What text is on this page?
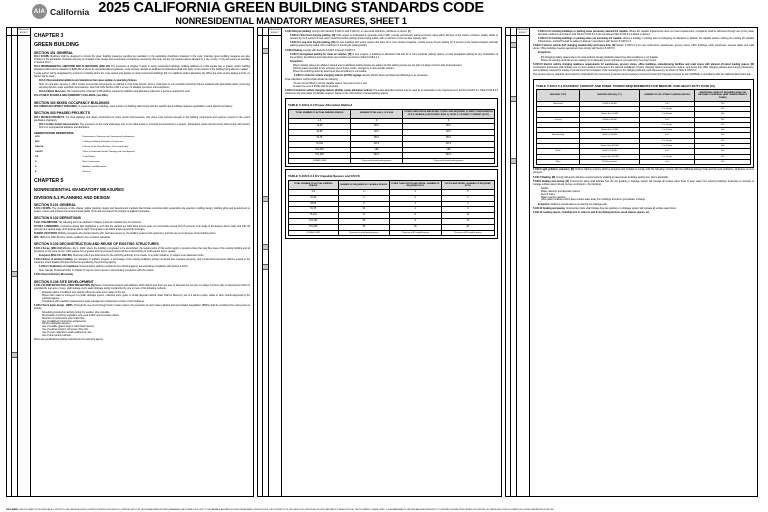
AIA California 2025 CALIFORNIA GREEN BUILDING STANDARDS CODE
NONRESIDENTIAL MANDATORY MEASURES, SHEET 1
REVISION / EFFECT
CHAPTER 3
GREEN BUILDING
SECTION 301 GENERAL

301.1 SCOPE. Buildings shall be designed to include the green building measures specified as mandatory in the application checklists contained in this code. Voluntary green building measures are also included in the application checklists and may be included in the design and construction of structures covered by this code, but are not required unless adopted by a city, county, or city and county as specified in Section 101.7.

301.3 NONRESIDENTIAL ADDITIONS AND ALTERATIONS. (BSC-CG) The provisions of Chapter 5 apply to newly constructed buildings, building additions of 1,000 square feet or greater, and/or building alterations with a permit valuation of $200,000 or above for nonresidential occupancies. Code sections relevant to additions and alterations shall only apply to the portions of the building being altered or added.

A code section will be designated by a banner to indicate where the code section only applies to newly constructed buildings [N] or to additions and/or alterations [A]. When the code section applies to both, no banner will be used.

301.3.1 Nonresidential additions and alterations that cause updates to plumbing fixtures.

Note: On and after January 1, 2014, certain commercial real property, as defined in Civil Code Section 1101.3, shall have its non-compliant plumbing fixtures replaced with appropriate water conserving plumbing fixtures under specified circumstances. See Civil Code Section 1101.1 et seq. for detailed provisions and exemptions.

301.3.2 Waste Diversion. The requirements of Section 5.408 shall be required for additions and alterations whenever a permit is required for work.

301.4 PUBLIC SCHOOLS AND COMMUNITY COLLEGES. (see DSA)

SECTION 302 MIXED OCCUPANCY BUILDINGS

302.1 MIXED-OCCUPANCY BUILDINGS. In mixed-occupancy buildings, each portion of a building shall comply with the specific green building measures applicable to each specific occupancy.

SECTION 303 PHASED PROJECTS

303.1 PHASED PROJECTS. For shell buildings and others constructed for future tenant improvements, only those code sections relevant to the building components and systems covered in the permit application shall apply.

303.1.1 Initial Tenant Improvements. The provisions of this code shall apply only to the initial tenant or occupant improvements to a project. Subsequent tenant improvements shall comply with Section 301.3 on nonresidential additions and alterations.

ABBREVIATION DEFINITIONS
HCD	Department of Housing and Community Development
BSC	California Building Standards Commission
DSA-SS	Division of the State Architect, Structural Safety
OSHPD	Office of Statewide Health Planning and Development
CB	Code Bodies
N	New Construction
A	Additions and Alterations
E	Existing
CHAPTER 5
NONRESIDENTIAL MANDATORY MEASURES
DIVISION 5.1 PLANNING AND DESIGN
SECTION 5.101 GENERAL

5.101.1 SCOPE. The provisions of this chapter outline planning, design and development methods that include environmentally responsible site selection, building design, building siting and development to protect, restore and enhance the environmental quality of the site and respect the integrity of adjacent properties.

SECTION 5.102 DEFINITIONS

5.102.1 DEFINITIONS. The following terms are defined in Chapter 2 and are included here for reference.

CUTOFF LUMINAIRES. Luminaires whose light distribution is such that the candela per 1000 lamp lumens does not numerically exceed 25 (2.5 percent) at an angle of 90 degrees above nadir, and 100 (10 percent) at a vertical angle of 80 degrees above nadir. This applies to all lateral angles around the luminaire.

TENANT-OCCUPANT. Building occupants who interact directly with, and have access to, the building systems and equipment, and who are not employees of the building owner.

EPA. (BSC-CG, DSA-SS) Any vehicle certified to zero emission standards.

SECTION 5.103 DECONSTRUCTION AND REUSE OF EXISTING STRUCTURES

5.103.1 Scope. [BSC-CG] Effective July 1, 2024, where the building is proposed to be demolished, the requirements of this section apply to projects where the total floor area of the existing building and all structures on the same lot are 1,000 square feet or greater and the proposed project will be a new building of 1,000 square feet or greater.

Exception (BSC-CG, DSA-SS). Structures which are determined by the enforcing authority to be unsafe, or a public nuisance, or subject to an abatement order.

5.103.2 Reuse of existing building. For alteration or addition projects, a percentage of the existing building's primary structural and envelope elements, and nonstructural elements shall be reused to the maximum extent feasible and documented as specified by the enforcing agency.

5.103.2.1 Verification of compliance. Documentation shall be provided to the enforcing agency demonstrating compliance with Section 5.103.2.

Note: Sample Worksheet WS-1 in Chapter 8 may be used to assist in documenting compliance with this section.

5.103.3 Deconstruction. [Reserved]

SECTION 5.106 SITE DEVELOPMENT

5.106.1 STORM WATER POLLUTION PREVENTION. [N] Newly constructed projects and additions which disturb less than one acre of land and are not part of a larger common plan of development which in total disturbs one acre or more, shall manage storm water drainage during construction by one or more of the following methods:

• Retention basins of sufficient size shall be utilized to retain storm water on the site.
• Where storm water is conveyed to a public drainage system, collection point, gutter or similar disposal method, water shall be filtered by use of a barrier system, wattle or other method approved by the enforcing agency.
• Compliance with a lawfully enacted storm water management ordinance/or erosion control ordinance.

5.106.2 Storm water design - BMPs. Through the use of soil through wind or water erosion, the prevention of storm water pollution and groundwater degradation (BMPs) shall be considered for each project to include:

• Scheduling construction activity during dry weather, when possible.
• Preservation of existing vegetation, soil, seed buffers around surface waters.
• Diversion of construction storm water flow.
• Use of stabilized construction entrance/exit.
• Velocity dissipation devices.
• Use of erodible (gravel bags or catch basin inserts).
• Use of sediment basins, silt fences, fiber rolls.
• Use of cover materials to retain sediment on site.
• Use of dust control methods.

Plans and specifications shall be submitted to the enforcing agency.

REVISION / EFFECT	5.106.4 Bicycle parking. Comply with Sections 5.106.4.1 and 5.106.4.2; or meet local ordinance, whichever is stricter. [N]

5.106.4.1 Short-term bicycle parking. [N] If the project is anticipated to generate visitor traffic, provide permanently anchored bicycle racks within 200 feet of the visitors' entrance, readily visible to passers-by, for 5 percent of new visitor motorized vehicle parking spaces being added, with a minimum of one two-bike capacity rack.

5.106.4.2 Long-term bicycle parking. [N] For new buildings with tenant spaces that have 10 or more tenant-occupants, provide secure bicycle parking for 5 percent of the tenant-occupant vehicular parking spaces being added, with a minimum of one bicycle parking facility.

5.106.5 Parking. Comply with Sections 5.106.5.1 through 5.106.5.3.

5.106.5.1 Designated parking for clean air vehicles. [N] In new projects or additions to alterations that add 10 or more vehicular parking spaces, provide designated parking for any combination of low-emitting, fuel-efficient and carpool/van pool vehicles as shown in Table 5.106.5.1.1.

Exceptions:

• Where parking spaces are added or altered and no additional parking spaces are added, and the parking spaces are not part of a larger common plan of development.
• Parking spaces provided for the exclusive use of buses, trucks, emergency or other similar vehicles.
• Where the enforcing authority determines that compliance is not feasible.

5.106.5.1.1 Electric vehicle charging stations (EVCS) signage. Electric Vehicle Signs and Pavement Markings or as necessary.

Power allocation method shall include the following:

• You are not permitted to use EV capable spaces, low power Level 2, and
• At least one Level 2 EVSE shall be provided.

5.106.5.3.4 Electric vehicle charging stations (EVCS)- power allocation method. The power allocation method may be used as an alternative to the requirements in Section 5.106.5.3.1. Table 5.106.5.3.4 determines the total power in kilowatts required, based on the total number of actual parking spaces.

TABLE 5.106.5.3.4 Power Allocation Method
TOTAL NUMBER OF ACTUAL PARKING SPACES	MINIMUM TOTAL kVA @ 12.5 KVA	OTHER THAN OFFICE AND RETAIL: TOTAL LOAD REQUIRED TO MEET CONFIGURATION OF EV CAPABLE (LOW POWER LEVEL 2), LEVEL 2, OR DIRECT CURRENT (DCFC)
1-9	0	0
10-25	80.0	80.0
26-50	82.5	82.5
51-75	85.0	85.0
76-100	112.5	112.5
101-150	180	180
151-200	202.5	202.5
201 AND OVER	10 percent of actual parking spaces	10 percent of actual parking spaces
TABLE 5.106.5.3.1 EV Capable Spaces and EVCS
TOTAL NUMBER OF ACTUAL PARKING SPACES	NUMBER OF REQUIRED EV CAPABLE SPACES	OTHER THAN OFFICE AND RETAIL: NUMBER OF REQUIRED EVCS	OFFICE AND RETAIL: NUMBER OF REQUIRED EVCS
1-9	0	0	0
10-25	4	2	2
26-50	8	3	3
51-75	13	4	4
76-100	17	6	13
101-150	25	9	14
151-200	35	15	20
201 AND OVER	20 percent of actual parking spaces	25 percent of EV capable spaces	75 percent of EV capable spaces
REVISION / EFFECT	5.106.5.3.4.1 Existing buildings or parking areas previously deemed EV capable. Where EV capable infrastructure does not meet requirements, compliance shall be achieved through use of the power allocation method in accordance with Section 5.106.5.3.4 and considered Table 5.106.5.3.4 added or altered.

5.106.5.3.4.2 Existing buildings or parking areas not previously EV capable. Where a building or parking area is undergoing an alteration or addition, EV capable spaces, utilizing the existing EV capable infrastructure, and EVCS shall be added or altered in accordance with Section 5.106.5.3.4.

5.106.5.4 Electric vehicle (EV) charging medium-duty and heavy-duty. [N] Section 5.106.5.4 is for new construction, warehouses, grocery stores, office buildings, retail, warehouse, process plants and retail stores. Office buildings meeting general and non-comply with Section 5.106.5.5.

Exceptions:

• EV-Charging loading spaces where the local authority having jurisdiction determines that compliance is not feasible.
• Where the existing electrical service capacity is not adequate and an upgrade is not required by the project scope.

5.106.5.5 Electric vehicle charging readiness requirements for warehouses, grocery stores, office buildings, manufacturing facilities and retail stores with planned off-street loading spaces. [N] Construction documents shall indicate one or more locations convenient to the planned installation of future charging stations reserved for medium- and heavy-duty (MD) charging cabinets and charging dispensers, and a pathway reserved for routing of conduit from the termination of the raceway(s) to the charging cabinet(s) and dispenser(s), as shown in Table 5.106.5.5.1.

The service panel or subpanel circuit directory shall identify the overcurrent protective device space(s) reserved for future EV charging purposes as 'EV CAPABLE' in accordance with the California Electrical Code.

TABLE 5.106.5.5.1 RACEWAY CONDUIT AND PANEL POWER REQUIREMENTS FOR MEDIUM- AND HEAVY-DUTY EVSE [N]
BUILDING TYPE	BUILDING SIZE (SQ. FT.)	NUMBER OF OFF-STREET LOADING SPACES	ADDITIONAL CAPACITY REQUIRED (KVA) FOR RACEWAY & SUBPANEL (AND TRANSFORMER IF FUSED)
Warehouse	20,000 to 50,000	1 to 2	200
		3 or Greater	400
	Greater than 50,000	1 or Greater	400
Grocery	20,000 to 50,000	1 to 2	200
		3 or Greater	400
	Greater than 50,000	1 or Greater	400
Manufacturing	20,000 to 100,000	1 to 2	200
		3 or Greater	400
	Greater than 100,000	1 or Greater	400
Retail	20,000 to 100,000	1 to 2	200
	Greater than 100,000	1 or Greater	400
Office	20,000 or Greater	1 to 2	200

5.106.6 Light pollution reduction. [N] Outdoor lighting systems shall be designed and installed to comply with the following: Comply with the California Energy Code and the local ordinance, whichever is more stringent.

5.106.7 Shading. [N] Comply with local ordinance requirements for shading of paved areas including parking lots, where applicable.

5.106.8 Grading and paving. [N] Construction plans shall indicate how the site grading or drainage system will manage all surface water flows to keep water from entering buildings. Examples of methods to manage surface water include, but are not limited to, the following:

• Swales
• Water collection and disposal systems
• French drains
• Water retention gardens
• Other water measures which keep surface water away from buildings and aid in groundwater recharge.

Exception: Additions and alterations not altering the drainage path.

5.106.10 Grading and paving. Construction plans shall indicate how site grading or a drainage system will manage all surface water flows.

5.106.12 Loading spaces, including turn or return to and from planting buttons, wood cleaner spaces, etc.

DISCLAIMER: THIS DOCUMENT IS PROVIDED AS A COURTESY TO BE USED AS A GUIDE TO ASSIST IN IDENTIFYING WHICH IT COMPLIED WITH THE CALIFORNIA GREEN BUILDING STANDARDS CALIFORNIA CODE. DUE TO THE VARIABLE BETWEEN BUILDING DEPARTMENT JURISDICTIONS, THE CONTENTS IT IS THE USER OR SO INDIVIDUAL PROJECT AND MAY NOT BE ADOPTED BY THE DOCUMENT. PLEASE VERIFY LOCAL AMENDMENTS. NEITHER AIA CALIFORNIA NOR ITS CONTRIBUTORS ARE RESPONSIBLE FOR ERRORS OR OMISSIONS IN THIS DOCUMENT, INCLUDING DERIVATIVES FROM USE.
